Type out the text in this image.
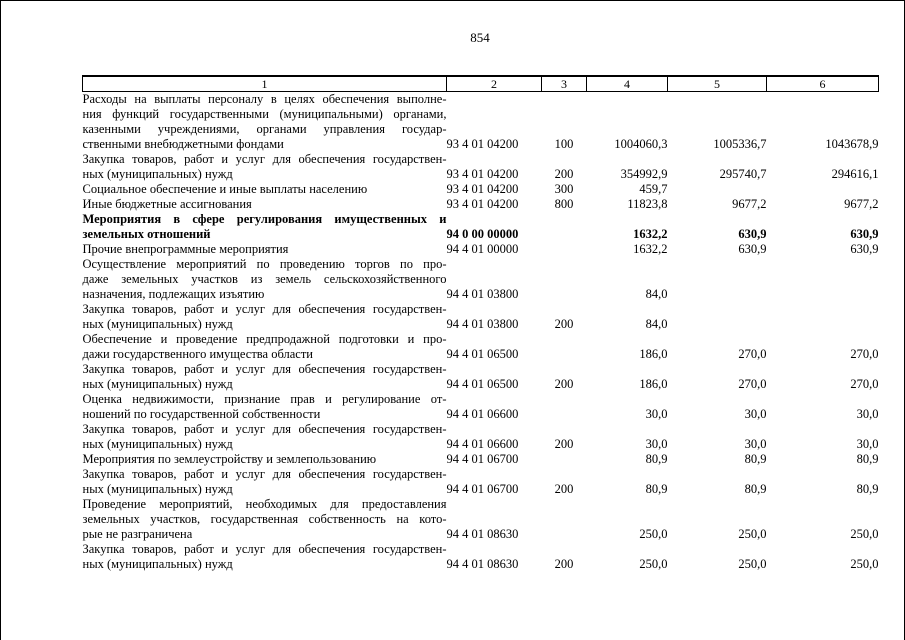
854
1	2	3	4	5	6

Расходы на выплаты персоналу в целях обеспечения выполне-
ния функций государственными (муниципальными) органами,
казенными учреждениями, органами управления государ-
ственными внебюджетными фондами	93 4 01 04200	100	1004060,3	1005336,7	1043678,9

Закупка товаров, работ и услуг для обеспечения государствен-
ных (муниципальных) нужд	93 4 01 04200	200	354992,9	295740,7	294616,1

Социальное обеспечение и иные выплаты населению	93 4 01 04200	300	459,7		

Иные бюджетные ассигнования	93 4 01 04200	800	11823,8	9677,2	9677,2

Мероприятия в сфере регулирования имущественных и
земельных отношений	94 0 00 00000		1632,2	630,9	630,9

Прочие внепрограммные мероприятия	94 4 01 00000		1632,2	630,9	630,9

Осуществление мероприятий по проведению торгов по про-
даже земельных участков из земель сельскохозяйственного
назначения, подлежащих изъятию	94 4 01 03800		84,0		

Закупка товаров, работ и услуг для обеспечения государствен-
ных (муниципальных) нужд	94 4 01 03800	200	84,0		

Обеспечение и проведение предпродажной подготовки и про-
дажи государственного имущества области	94 4 01 06500		186,0	270,0	270,0

Закупка товаров, работ и услуг для обеспечения государствен-
ных (муниципальных) нужд	94 4 01 06500	200	186,0	270,0	270,0

Оценка недвижимости, признание прав и регулирование от-
ношений по государственной собственности	94 4 01 06600		30,0	30,0	30,0

Закупка товаров, работ и услуг для обеспечения государствен-
ных (муниципальных) нужд	94 4 01 06600	200	30,0	30,0	30,0

Мероприятия по землеустройству и землепользованию	94 4 01 06700		80,9	80,9	80,9

Закупка товаров, работ и услуг для обеспечения государствен-
ных (муниципальных) нужд	94 4 01 06700	200	80,9	80,9	80,9

Проведение мероприятий, необходимых для предоставления
земельных участков, государственная собственность на кото-
рые не разграничена	94 4 01 08630		250,0	250,0	250,0

Закупка товаров, работ и услуг для обеспечения государствен-
ных (муниципальных) нужд	94 4 01 08630	200	250,0	250,0	250,0
